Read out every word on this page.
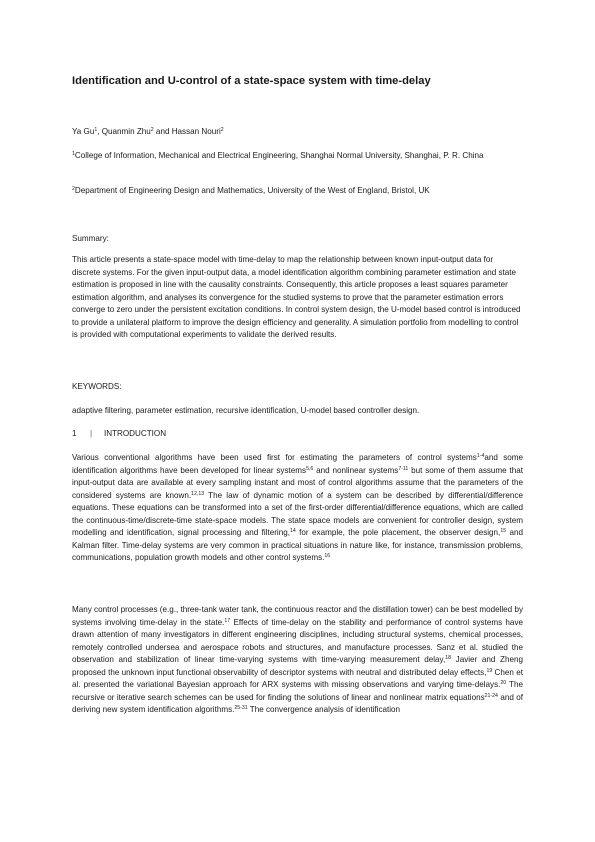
Identification and U-control of a state-space system with time-delay

Ya Gu$^1$, Quanmin Zhu$^2$ and Hassan Nouri$^2$

$^1$College of Information, Mechanical and Electrical Engineering, Shanghai Normal University, Shanghai, P. R. China

$^2$Department of Engineering Design and Mathematics, University of the West of England, Bristol, UK

Summary:

This article presents a state-space model with time-delay to map the relationship between known input-output data for discrete systems. For the given input-output data, a model identification algorithm combining parameter estimation and state estimation is proposed in line with the causality constraints. Consequently, this article proposes a least squares parameter estimation algorithm, and analyses its convergence for the studied systems to prove that the parameter estimation errors converge to zero under the persistent excitation conditions. In control system design, the U-model based control is introduced to provide a unilateral platform to improve the design efficiency and generality. A simulation portfolio from modelling to control is provided with computational experiments to validate the derived results.

KEYWORDS:

adaptive filtering, parameter estimation, recursive identification, U-model based controller design.

1	|	INTRODUCTION

Various conventional algorithms have been used first for estimating the parameters of control systems$^{1-4}$and some identification algorithms have been developed for linear systems$^{5,6}$ and nonlinear systems$^{7-11}$ but some of them assume that input-output data are available at every sampling instant and most of control algorithms assume that the parameters of the considered systems are known.$^{12,13}$ The law of dynamic motion of a system can be described by differential/difference equations. These equations can be transformed into a set of the first-order differential/difference equations, which are called the continuous-time/discrete-time state-space models. The state space models are convenient for controller design, system modelling and identification, signal processing and filtering,$^{14}$ for example, the pole placement, the observer design,$^{15}$ and Kalman filter. Time-delay systems are very common in practical situations in nature like, for instance, transmission problems, communications, population growth models and other control systems.$^{16}$

Many control processes (e.g., three-tank water tank, the continuous reactor and the distillation tower) can be best modelled by systems involving time-delay in the state.$^{17}$ Effects of time-delay on the stability and performance of control systems have drawn attention of many investigators in different engineering disciplines, including structural systems, chemical processes, remotely controlled undersea and aerospace robots and structures, and manufacture processes. Sanz et al. studied the observation and stabilization of linear time-varying systems with time-varying measurement delay,$^{18}$ Javier and Zheng proposed the unknown input functional observability of descriptor systems with neutral and distributed delay effects,$^{19}$ Chen et al. presented the variational Bayesian approach for ARX systems with missing observations and varying time-delays.$^{20}$ The recursive or iterative search schemes can be used for finding the solutions of linear and nonlinear matrix equations$^{21-24}$ and of deriving new system identification algorithms.$^{25-31}$ The convergence analysis of identification
